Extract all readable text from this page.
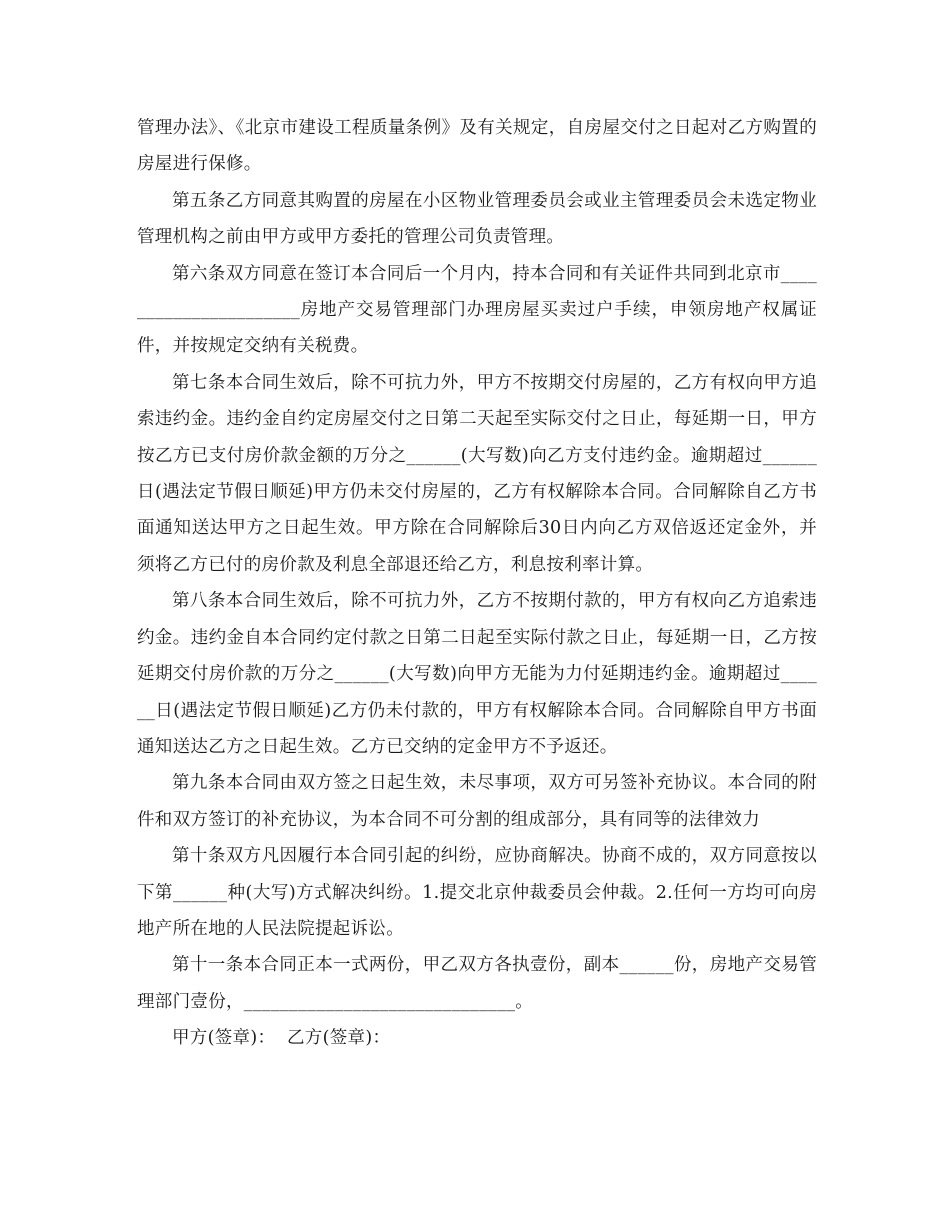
管理办法》、《北京市建设工程质量条例》及有关规定，自房屋交付之日起对乙方购置的房屋进行保修。

第五条乙方同意其购置的房屋在小区物业管理委员会或业主管理委员会未选定物业管理机构之前由甲方或甲方委托的管理公司负责管理。

第六条双方同意在签订本合同后一个月内，持本合同和有关证件共同到北京市______________________房地产交易管理部门办理房屋买卖过户手续，申领房地产权属证件，并按规定交纳有关税费。

第七条本合同生效后，除不可抗力外，甲方不按期交付房屋的，乙方有权向甲方追索违约金。违约金自约定房屋交付之日第二天起至实际交付之日止，每延期一日，甲方按乙方已支付房价款金额的万分之______(大写数)向乙方支付违约金。逾期超过______日(遇法定节假日顺延)甲方仍未交付房屋的，乙方有权解除本合同。合同解除自乙方书面通知送达甲方之日起生效。甲方除在合同解除后30日内向乙方双倍返还定金外，并须将乙方已付的房价款及利息全部退还给乙方，利息按利率计算。

第八条本合同生效后，除不可抗力外，乙方不按期付款的，甲方有权向乙方追索违约金。违约金自本合同约定付款之日第二日起至实际付款之日止，每延期一日，乙方按延期交付房价款的万分之______(大写数)向甲方无能为力付延期违约金。逾期超过______日(遇法定节假日顺延)乙方仍未付款的，甲方有权解除本合同。合同解除自甲方书面通知送达乙方之日起生效。乙方已交纳的定金甲方不予返还。

第九条本合同由双方签之日起生效，未尽事项，双方可另签补充协议。本合同的附件和双方签订的补充协议，为本合同不可分割的组成部分，具有同等的法律效力

第十条双方凡因履行本合同引起的纠纷，应协商解决。协商不成的，双方同意按以下第______种(大写)方式解决纠纷。1.提交北京仲裁委员会仲裁。2.任何一方均可向房地产所在地的人民法院提起诉讼。

第十一条本合同正本一式两份，甲乙双方各执壹份，副本______份，房地产交易管理部门壹份，______________________________。

甲方(签章)： 乙方(签章)：
